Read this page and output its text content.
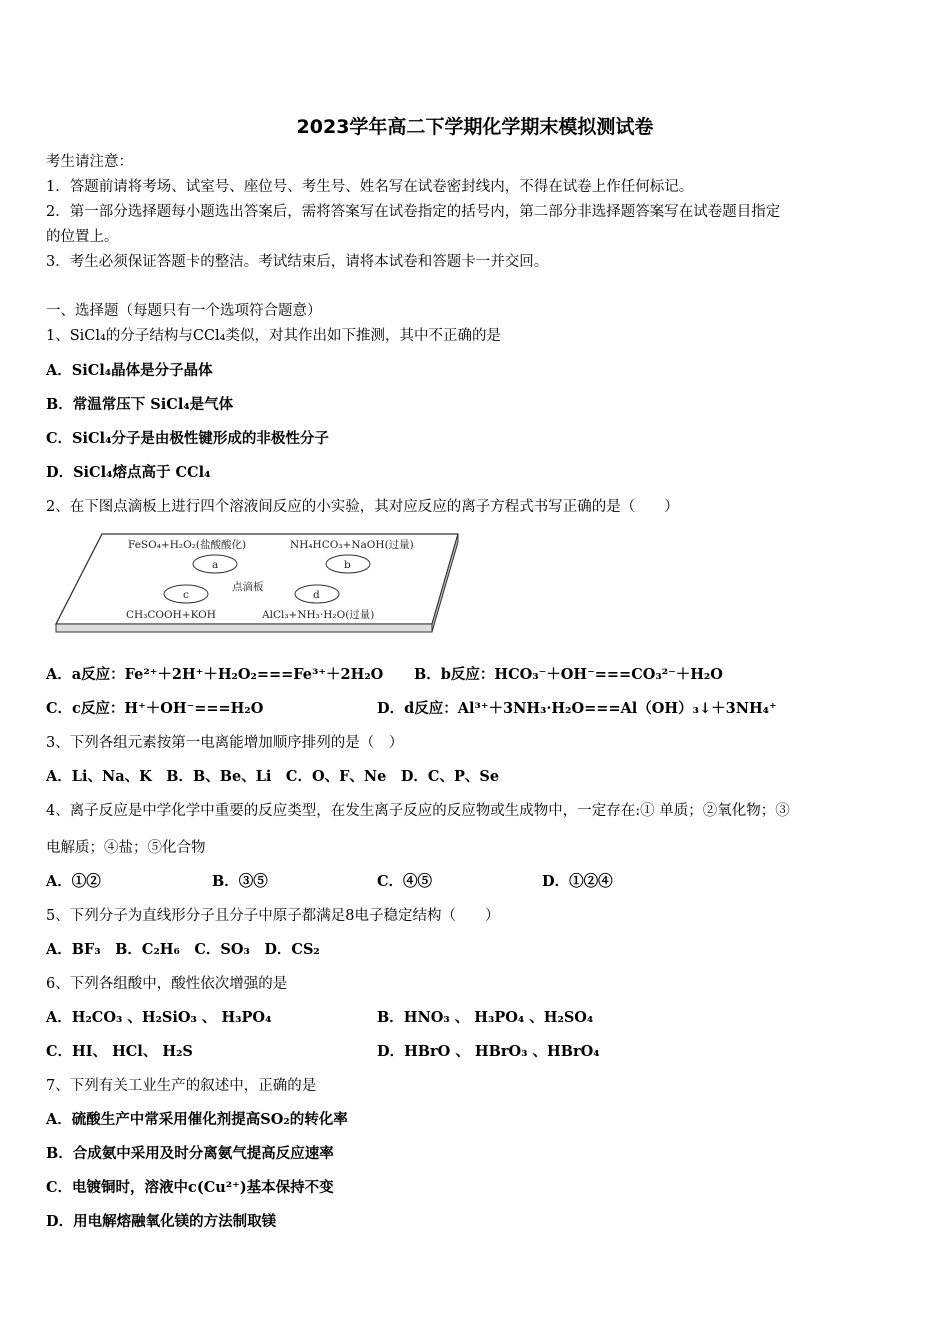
2023学年高二下学期化学期末模拟测试卷
考生请注意：
1．答题前请将考场、试室号、座位号、考生号、姓名写在试卷密封线内，不得在试卷上作任何标记。
2．第一部分选择题每小题选出答案后，需将答案写在试卷指定的括号内，第二部分非选择题答案写在试卷题目指定
的位置上。
3．考生必须保证答题卡的整洁。考试结束后，请将本试卷和答题卡一并交回。
一、选择题（每题只有一个选项符合题意）
1、SiCl₄的分子结构与CCl₄类似，对其作出如下推测，其中不正确的是
A．SiCl₄晶体是分子晶体
B．常温常压下 SiCl₄是气体
C．SiCl₄分子是由极性键形成的非极性分子
D．SiCl₄熔点高于 CCl₄
2、在下图点滴板上进行四个溶液间反应的小实验，其对应反应的离子方程式书写正确的是（　　）
FeSO₄+H₂O₂(盐酸酸化)	NH₄HCO₃+NaOH(过量)
a	b
点滴板
c	d
CH₃COOH+KOH	AlCl₃+NH₃·H₂O(过量)
A．a反应：Fe²⁺＋2H⁺＋H₂O₂===Fe³⁺＋2H₂O B．b反应：HCO₃⁻＋OH⁻===CO₃²⁻＋H₂O
C．c反应：H⁺＋OH⁻===H₂O	D．d反应：Al³⁺＋3NH₃·H₂O===Al（OH）₃↓＋3NH₄⁺
3、下列各组元素按第一电离能增加顺序排列的是（　）
A．Li、Na、K　B．B、Be、Li　C．O、F、Ne　D．C、P、Se
4、离子反应是中学化学中重要的反应类型，在发生离子反应的反应物或生成物中，一定存在:① 单质；②氧化物；③
电解质；④盐；⑤化合物
A．①②	B．③⑤	C．④⑤	D．①②④
5、下列分子为直线形分子且分子中原子都满足8电子稳定结构（　　）
A．BF₃　B．C₂H₆　C．SO₃　D．CS₂
6、下列各组酸中，酸性依次增强的是
A．H₂CO₃ 、H₂SiO₃ 、 H₃PO₄	B．HNO₃ 、 H₃PO₄ 、H₂SO₄
C．HI、 HCl、 H₂S	D．HBrO 、 HBrO₃ 、HBrO₄
7、下列有关工业生产的叙述中，正确的是
A．硫酸生产中常采用催化剂提高SO₂的转化率
B．合成氨中采用及时分离氨气提高反应速率
C．电镀铜时，溶液中c(Cu²⁺)基本保持不变
D．用电解熔融氧化镁的方法制取镁
